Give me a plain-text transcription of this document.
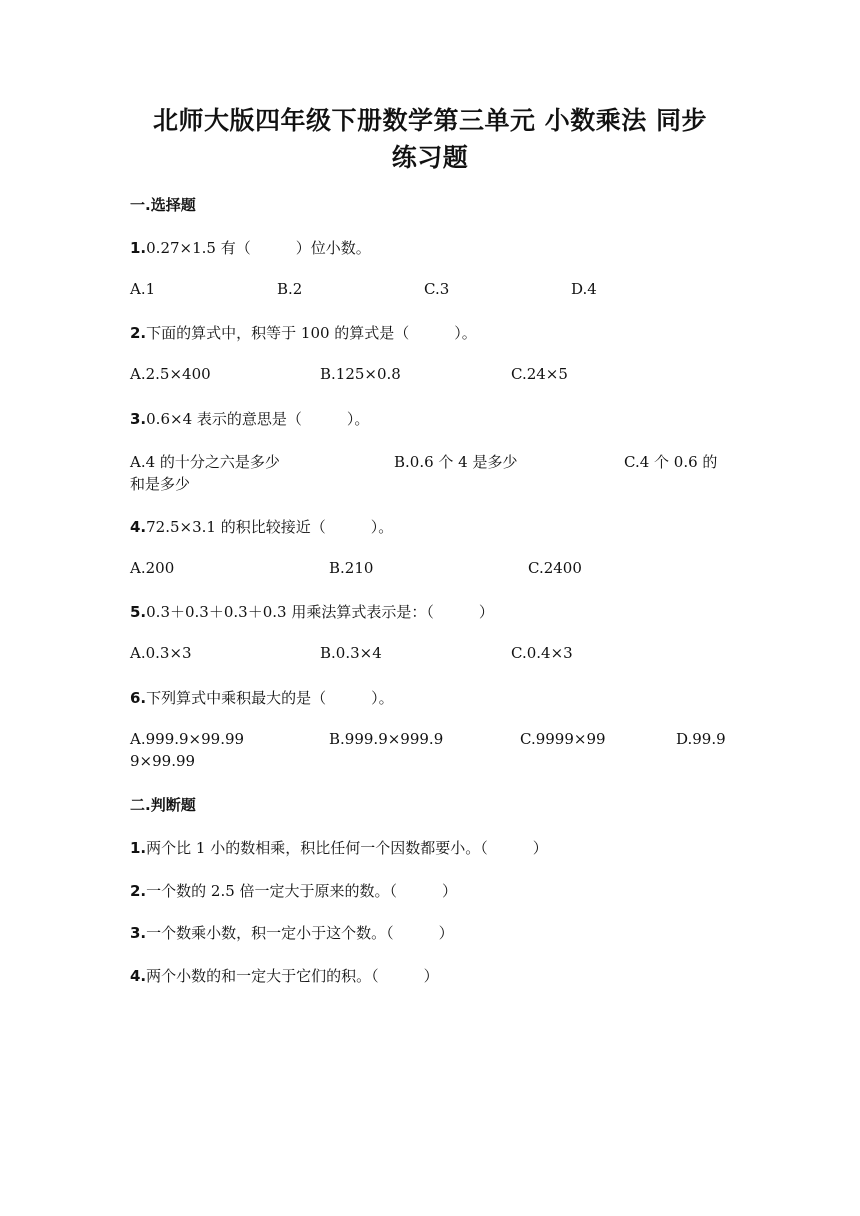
北师大版四年级下册数学第三单元 小数乘法 同步
练习题
一.选择题
1.0.27×1.5 有（　　　）位小数。
A.1	B.2	C.3	D.4
2.下面的算式中，积等于 100 的算式是（　　　）。
A.2.5×400	B.125×0.8	C.24×5
3.0.6×4 表示的意思是（　　　）。
A.4 的十分之六是多少	B.0.6 个 4 是多少	C.4 个 0.6 的
和是多少
4.72.5×3.1 的积比较接近（　　　）。
A.200	B.210	C.2400
5.0.3＋0.3＋0.3＋0.3 用乘法算式表示是：（　　　）
A.0.3×3	B.0.3×4	C.0.4×3
6.下列算式中乘积最大的是（　　　）。
A.999.9×99.99	B.999.9×999.9	C.9999×99	D.99.9
9×99.99
二.判断题
1.两个比 1 小的数相乘，积比任何一个因数都要小。（　　　）
2.一个数的 2.5 倍一定大于原来的数。（　　　）
3.一个数乘小数，积一定小于这个数。（　　　）
4.两个小数的和一定大于它们的积。（　　　）
